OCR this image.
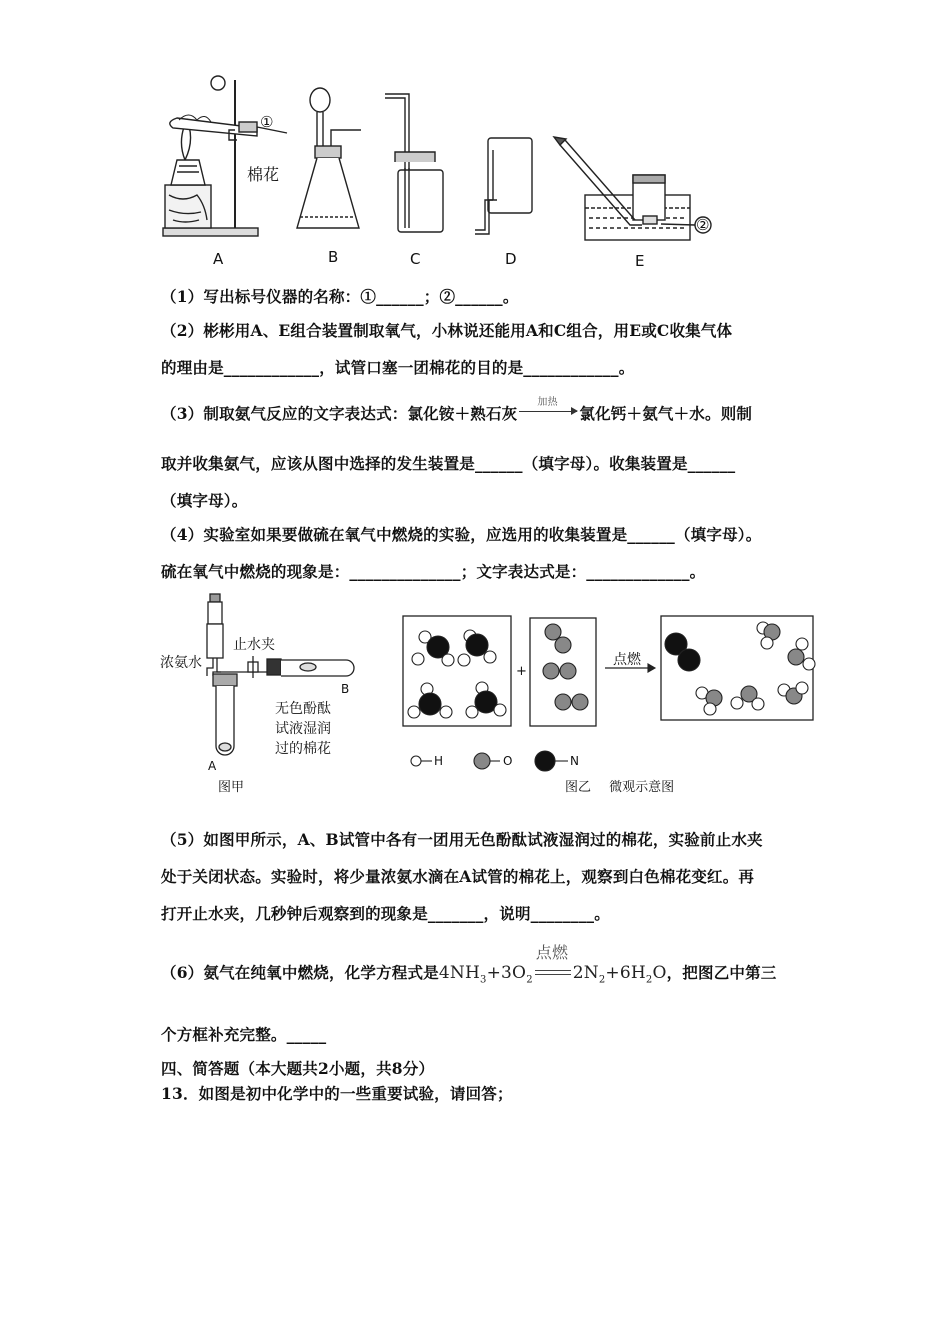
①
②
棉花
A	B	C	D	E
（1）写出标号仪器的名称：①______；②______。
（2）彬彬用A、E组合装置制取氧气，小林说还能用A和C组合，用E或C收集气体
的理由是____________，试管口塞一团棉花的目的是____________。
（3）制取氨气反应的文字表达式：氯化铵＋熟石灰
加热
氯化钙＋氨气＋水。则制
取并收集氨气，应该从图中选择的发生装置是______（填字母）。收集装置是______
（填字母）。
（4）实验室如果要做硫在氧气中燃烧的实验，应选用的收集装置是______（填字母）。
硫在氧气中燃烧的现象是：______________；文字表达式是：_____________。
浓氨水
止水夹
A
B
无色酚酞
试液湿润
过的棉花
图甲
+
点燃
H	O	N
图乙 微观示意图
（5）如图甲所示，A、B试管中各有一团用无色酚酞试液湿润过的棉花，实验前止水夹
处于关闭状态。实验时，将少量浓氨水滴在A试管的棉花上，观察到白色棉花变红。再
打开止水夹，几秒钟后观察到的现象是_______，说明________。
（6）氨气在纯氧中燃烧，化学方程式是$4NH_3+3O_2$
点燃
$2N_2+6H_2O$，把图乙中第三
个方框补充完整。_____
四、简答题（本大题共2小题，共8分）
13．如图是初中化学中的一些重要试验，请回答；
